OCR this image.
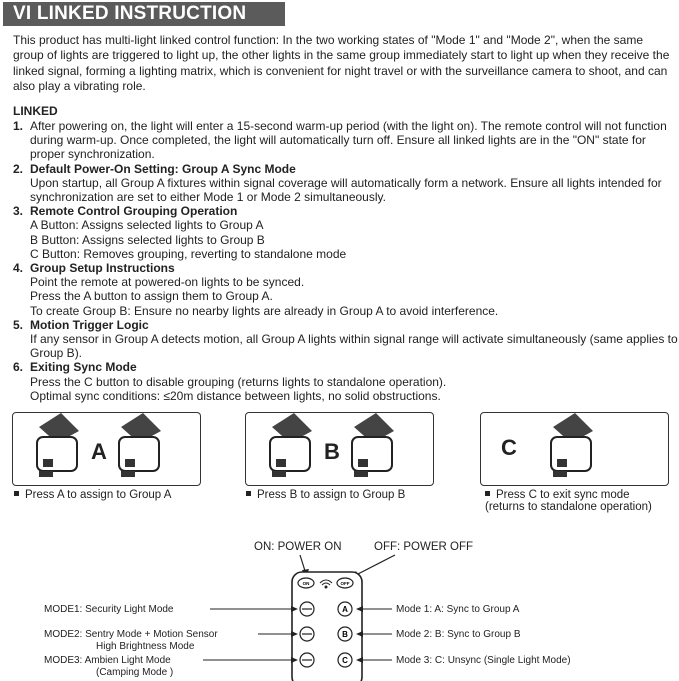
VI LINKED INSTRUCTION
This product has multi-light linked control function: In the two working states of "Mode 1" and "Mode 2", when the same group of lights are triggered to light up, the other lights in the same group immediately start to light up when they receive the linked signal, forming a lighting matrix, which is convenient for night travel or with the surveillance camera to shoot, and can also play a vibrating role.
LINKED
1. After powering on, the light will enter a 15-second warm-up period (with the light on). The remote control will not function during warm-up. Once completed, the light will automatically turn off. Ensure all linked lights are in the "ON" state for proper synchronization.
2. Default Power-On Setting: Group A Sync Mode
Upon startup, all Group A fixtures within signal coverage will automatically form a network. Ensure all lights intended for synchronization are set to either Mode 1 or Mode 2 simultaneously.
3. Remote Control Grouping Operation
A Button: Assigns selected lights to Group A
B Button: Assigns selected lights to Group B
C Button: Removes grouping, reverting to standalone mode
4. Group Setup Instructions
Point the remote at powered-on lights to be synced.
Press the A button to assign them to Group A.
To create Group B: Ensure no nearby lights are already in Group A to avoid interference.
5. Motion Trigger Logic
If any sensor in Group A detects motion, all Group A lights within signal range will activate simultaneously (same applies to Group B).
6. Exiting Sync Mode
Press the C button to disable grouping (returns lights to standalone operation).
Optimal sync conditions: ≤20m distance between lights, no solid obstructions.
A	B	C
Press A to assign to Group A	Press B to assign to Group B	Press C to exit sync mode (returns to standalone operation)
ON: POWER ON	OFF: POWER OFF
ON	OFF
A
B
C
MODE1: Security Light Mode
MODE2: Sentry Mode + Motion Sensor
High Brightness Mode
MODE3: Ambien Light Mode
(Camping Mode )
Mode 1: A: Sync to Group A
Mode 2: B: Sync to Group B
Mode 3: C: Unsync (Single Light Mode)
